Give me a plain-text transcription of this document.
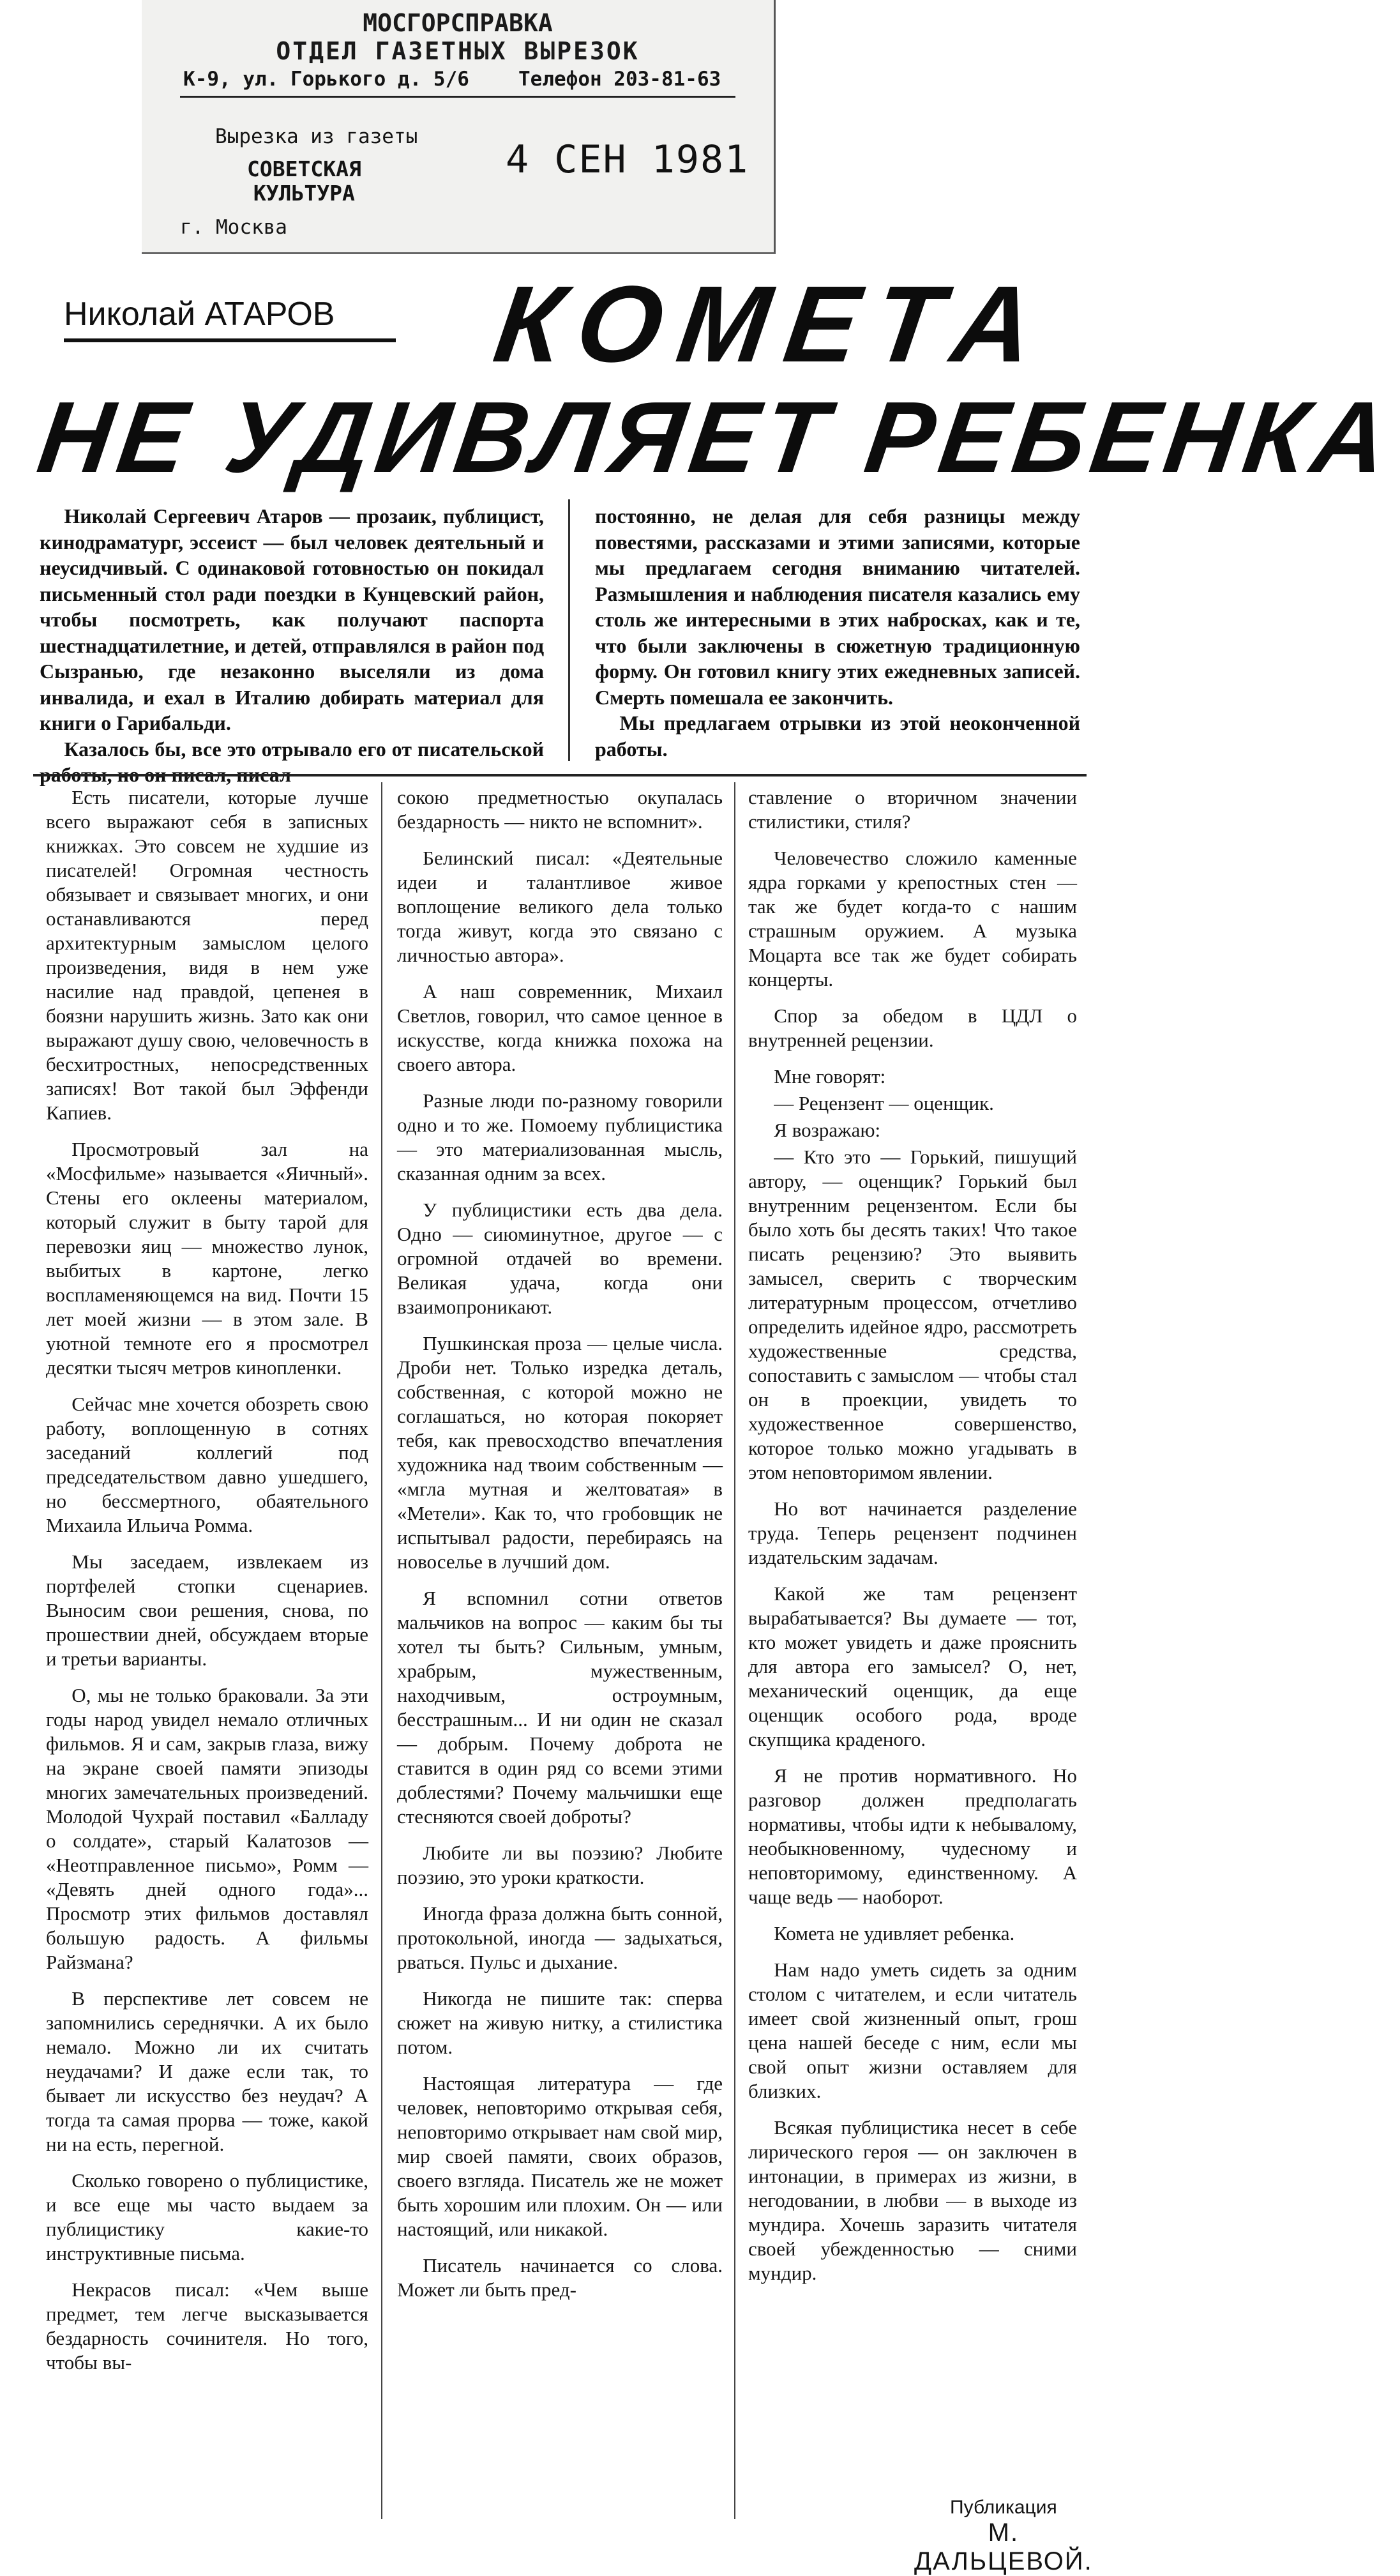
МОСГОРСПРАВКА
ОТДЕЛ ГАЗЕТНЫХ ВЫРЕЗОК
К-9, ул. Горького д. 5/6 Телефон 203-81-63
Вырезка из газеты
СОВЕТСКАЯ
КУЛЬТУРА
г. Москва
4 СЕН 1981
Николай АТАРОВ КОМЕТА
НЕ УДИВЛЯЕТ РЕБЕНКА

Николай Сергеевич Атаров — прозаик, публицист, кинодраматург, эссеист — был человек деятельный и неусидчивый. С одинаковой готовностью он покидал письменный стол ради поездки в Кунцевский район, чтобы посмотреть, как получают паспорта шестнадцатилетние, и детей, отправлялся в район под Сызранью, где незаконно выселяли из дома инвалида, и ехал в Италию добирать материал для книги о Гарибальди.

Казалось бы, все это отрывало его от писательской работы, но он писал, писал

постоянно, не делая для себя разницы между повестями, рассказами и этими записями, которые мы предлагаем сегодня вниманию читателей. Размышления и наблюдения писателя казались ему столь же интересными в этих набросках, как и те, что были заключены в сюжетную традиционную форму. Он готовил книгу этих ежедневных записей. Смерть помешала ее закончить.

Мы предлагаем отрывки из этой неоконченной работы.

Есть писатели, которые лучше всего выражают себя в записных книжках. Это совсем не худшие из писателей! Огромная честность обязывает и связывает многих, и они останавливаются перед архитектурным замыслом целого произведения, видя в нем уже насилие над правдой, цепенея в боязни нарушить жизнь. Зато как они выражают душу свою, человечность в бесхитростных, непосредственных записях! Вот такой был Эффенди Капиев.

Просмотровый зал на «Мосфильме» называется «Яичный». Стены его оклеены материалом, который служит в быту тарой для перевозки яиц — множество лунок, выбитых в картоне, легко воспламеняющемся на вид. Почти 15 лет моей жизни — в этом зале. В уютной темноте его я просмотрел десятки тысяч метров кинопленки.

Сейчас мне хочется обозреть свою работу, воплощенную в сотнях заседаний коллегий под председательством давно ушедшего, но бессмертного, обаятельного Михаила Ильича Ромма.

Мы заседаем, извлекаем из портфелей стопки сценариев. Выносим свои решения, снова, по прошествии дней, обсуждаем вторые и третьи варианты.

О, мы не только браковали. За эти годы народ увидел немало отличных фильмов. Я и сам, закрыв глаза, вижу на экране своей памяти эпизоды многих замечательных произведений. Молодой Чухрай поставил «Балладу о солдате», старый Калатозов — «Неотправленное письмо», Ромм — «Девять дней одного года»... Просмотр этих фильмов доставлял большую радость. А фильмы Райзмана?

В перспективе лет совсем не запомнились середнячки. А их было немало. Можно ли их считать неудачами? И даже если так, то бывает ли искусство без неудач? А тогда та самая прорва — тоже, какой ни на есть, перегной.

Сколько говорено о публицистике, и все еще мы часто выдаем за публицистику какие-то инструктивные письма.

Некрасов писал: «Чем выше предмет, тем легче высказывается бездарность сочинителя. Но того, чтобы вы-

сокою предметностью окупалась бездарность — никто не вспомнит».

Белинский писал: «Деятельные идеи и талантливое живое воплощение великого дела только тогда живут, когда это связано с личностью автора».

А наш современник, Михаил Светлов, говорил, что самое ценное в искусстве, когда книжка похожа на своего автора.

Разные люди по-разному говорили одно и то же. Помоему публицистика — это материализованная мысль, сказанная одним за всех.

У публицистики есть два дела. Одно — сиюминутное, другое — с огромной отдачей во времени. Великая удача, когда они взаимопроникают.

Пушкинская проза — целые числа. Дроби нет. Только изредка деталь, собственная, с которой можно не соглашаться, но которая покоряет тебя, как превосходство впечатления художника над твоим собственным — «мгла мутная и желтоватая» в «Метели». Как то, что гробовщик не испытывал радости, перебираясь на новоселье в лучший дом.

Я вспомнил сотни ответов мальчиков на вопрос — каким бы ты хотел ты быть? Сильным, умным, храбрым, мужественным, находчивым, остроумным, бесстрашным... И ни один не сказал — добрым. Почему доброта не ставится в один ряд со всеми этими доблестями? Почему мальчишки еще стесняются своей доброты?

Любите ли вы поэзию? Любите поэзию, это уроки краткости.

Иногда фраза должна быть сонной, протокольной, иногда — задыхаться, рваться. Пульс и дыхание.

Никогда не пишите так: сперва сюжет на живую нитку, а стилистика потом.

Настоящая литература — где человек, неповторимо открывая себя, неповторимо открывает нам свой мир, мир своей памяти, своих образов, своего взгляда. Писатель же не может быть хорошим или плохим. Он — или настоящий, или никакой.

Писатель начинается со слова. Может ли быть пред-

ставление о вторичном значении стилистики, стиля?

Человечество сложило каменные ядра горками у крепостных стен — так же будет когда-то с нашим страшным оружием. А музыка Моцарта все так же будет собирать концерты.

Спор за обедом в ЦДЛ о внутренней рецензии.

Мне говорят:

— Рецензент — оценщик.

Я возражаю:

— Кто это — Горький, пишущий автору, — оценщик? Горький был внутренним рецензентом. Если бы было хоть бы десять таких! Что такое писать рецензию? Это выявить замысел, сверить с творческим литературным процессом, отчетливо определить идейное ядро, рассмотреть художественные средства, сопоставить с замыслом — чтобы стал он в проекции, увидеть то художественное совершенство, которое только можно угадывать в этом неповторимом явлении.

Но вот начинается разделение труда. Теперь рецензент подчинен издательским задачам.

Какой же там рецензент вырабатывается? Вы думаете — тот, кто может увидеть и даже прояснить для автора его замысел? О, нет, механический оценщик, да еще оценщик особого рода, вроде скупщика краденого.

Я не против нормативного. Но разговор должен предполагать нормативы, чтобы идти к небывалому, необыкновенному, чудесному и неповторимому, единственному. А чаще ведь — наоборот.

Комета не удивляет ребенка.

Нам надо уметь сидеть за одним столом с читателем, и если читатель имеет свой жизненный опыт, грош цена нашей беседе с ним, если мы свой опыт жизни оставляем для близких.

Всякая публицистика несет в себе лирического героя — он заключен в интонации, в примерах из жизни, в негодовании, в любви — в выходе из мундира. Хочешь заразить читателя своей убежденностью — сними мундир.

Публикация
М. ДАЛЬЦЕВОЙ.
